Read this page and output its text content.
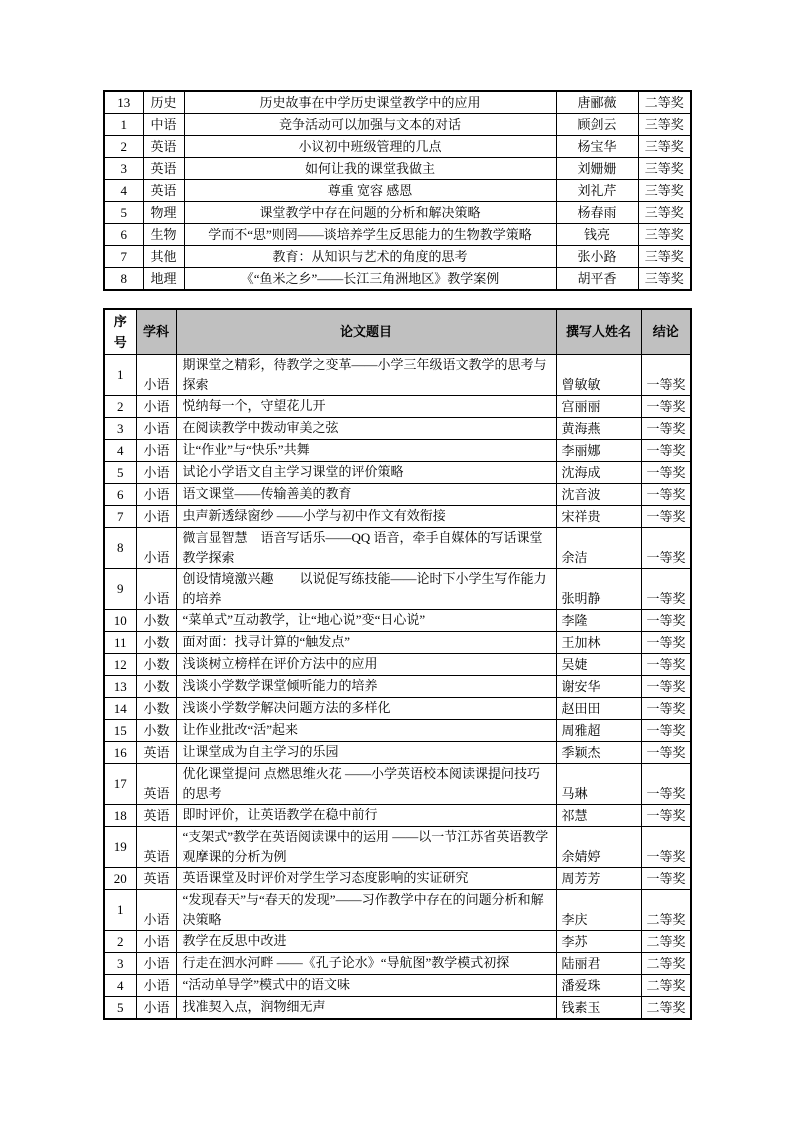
13	历史	历史故事在中学历史课堂教学中的应用	唐郦薇	二等奖
1	中语	竞争活动可以加强与文本的对话	顾剑云	三等奖
2	英语	小议初中班级管理的几点	杨宝华	三等奖
3	英语	如何让我的课堂我做主	刘姗姗	三等奖
4	英语	尊重 宽容 感恩	刘礼芹	三等奖
5	物理	课堂教学中存在问题的分析和解决策略	杨春雨	三等奖
6	生物	学而不“思”则罔——谈培养学生反思能力的生物教学策略	钱亮	三等奖
7	其他	教育：从知识与艺术的角度的思考	张小路	三等奖
8	地理	《“鱼米之乡”——长江三角洲地区》教学案例	胡平香	三等奖
序号	学科	论文题目	撰写人姓名	结论
1	小语	期课堂之精彩，待教学之变革——小学三年级语文教学的思考与探索	曾敏敏	一等奖
2	小语	悦纳每一个，守望花儿开	宫丽丽	一等奖
3	小语	在阅读教学中拨动审美之弦	黄海燕	一等奖
4	小语	让“作业”与“快乐”共舞	李丽娜	一等奖
5	小语	试论小学语文自主学习课堂的评价策略	沈海成	一等奖
6	小语	语文课堂——传输善美的教育	沈音波	一等奖
7	小语	虫声新透绿窗纱 ——小学与初中作文有效衔接	宋祥贵	一等奖
8	小语	微言显智慧　语音写话乐——QQ 语音，牵手自媒体的写话课堂教学探索	余洁	一等奖
9	小语	创设情境激兴趣　　以说促写练技能——论时下小学生写作能力的培养	张明静	一等奖
10	小数	“菜单式”互动教学，让“地心说”变“日心说”	李隆	一等奖
11	小数	面对面：找寻计算的“触发点”	王加林	一等奖
12	小数	浅谈树立榜样在评价方法中的应用	吴婕	一等奖
13	小数	浅谈小学数学课堂倾听能力的培养	谢安华	一等奖
14	小数	浅谈小学数学解决问题方法的多样化	赵田田	一等奖
15	小数	让作业批改“活”起来	周雅超	一等奖
16	英语	让课堂成为自主学习的乐园	季颖杰	一等奖
17	英语	优化课堂提问 点燃思维火花 ——小学英语校本阅读课提问技巧的思考	马琳	一等奖
18	英语	即时评价，让英语教学在稳中前行	祁慧	一等奖
19	英语	“支架式”教学在英语阅读课中的运用 ——以一节江苏省英语教学观摩课的分析为例	余婧婷	一等奖
20	英语	英语课堂及时评价对学生学习态度影响的实证研究	周芳芳	一等奖
1	小语	“发现春天”与“春天的发现”——习作教学中存在的问题分析和解决策略	李庆	二等奖
2	小语	教学在反思中改进	李苏	二等奖
3	小语	行走在泗水河畔 ——《孔子论水》“导航图”教学模式初探	陆丽君	二等奖
4	小语	“活动单导学”模式中的语文味	潘爱珠	二等奖
5	小语	找准契入点，润物细无声	钱素玉	二等奖
